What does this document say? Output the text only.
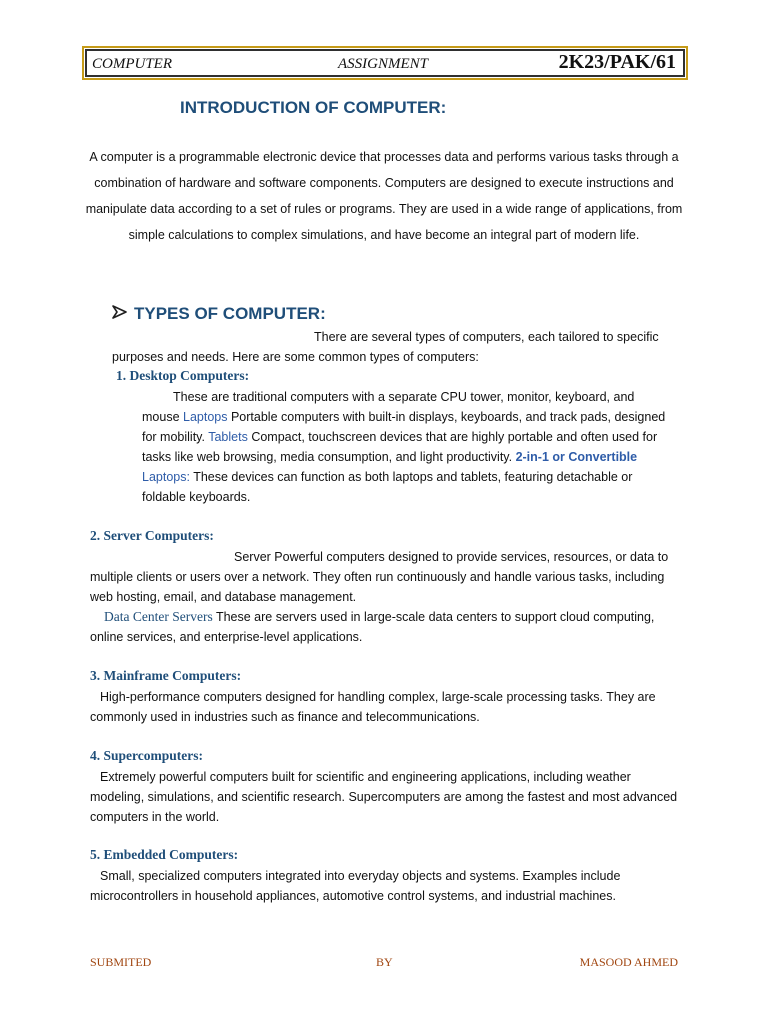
COMPUTER	ASSIGNMENT	2K23/PAK/61
INTRODUCTION OF COMPUTER:
A computer is a programmable electronic device that processes data and performs various tasks through a combination of hardware and software components. Computers are designed to execute instructions and manipulate data according to a set of rules or programs. They are used in a wide range of applications, from simple calculations to complex simulations, and have become an integral part of modern life.
TYPES OF COMPUTER:
There are several types of computers, each tailored to specific purposes and needs. Here are some common types of computers:
1. Desktop Computers:
These are traditional computers with a separate CPU tower, monitor, keyboard, and mouse Laptops Portable computers with built-in displays, keyboards, and track pads, designed for mobility. Tablets Compact, touchscreen devices that are highly portable and often used for tasks like web browsing, media consumption, and light productivity. 2-in-1 or Convertible Laptops: These devices can function as both laptops and tablets, featuring detachable or foldable keyboards.
2. Server Computers:
Server Powerful computers designed to provide services, resources, or data to multiple clients or users over a network. They often run continuously and handle various tasks, including web hosting, email, and database management.
Data Center Servers These are servers used in large-scale data centers to support cloud computing, online services, and enterprise-level applications.
3. Mainframe Computers:
High-performance computers designed for handling complex, large-scale processing tasks. They are commonly used in industries such as finance and telecommunications.
4. Supercomputers:
Extremely powerful computers built for scientific and engineering applications, including weather modeling, simulations, and scientific research. Supercomputers are among the fastest and most advanced computers in the world.
5. Embedded Computers:
Small, specialized computers integrated into everyday objects and systems. Examples include microcontrollers in household appliances, automotive control systems, and industrial machines.
SUBMITED	BY	MASOOD AHMED
